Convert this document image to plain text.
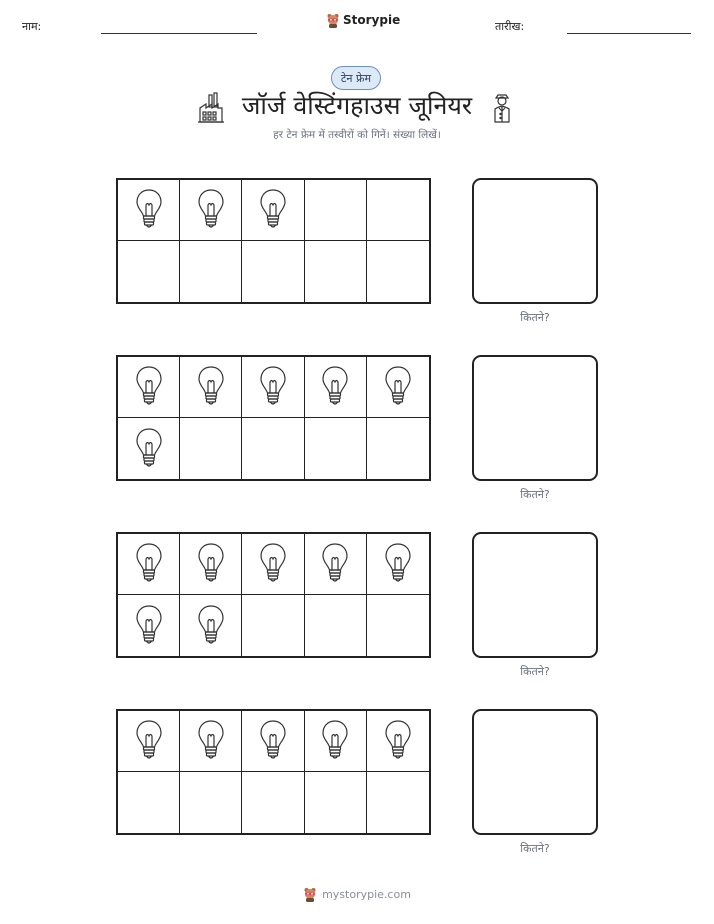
नाम:	Storypie	तारीख:
टेन फ्रेम
जॉर्ज वेस्टिंगहाउस जूनियर
हर टेन फ्रेम में तस्वीरों को गिनें। संख्या लिखें।
कितने?
कितने?
कितने?
कितने?
mystorypie.com
